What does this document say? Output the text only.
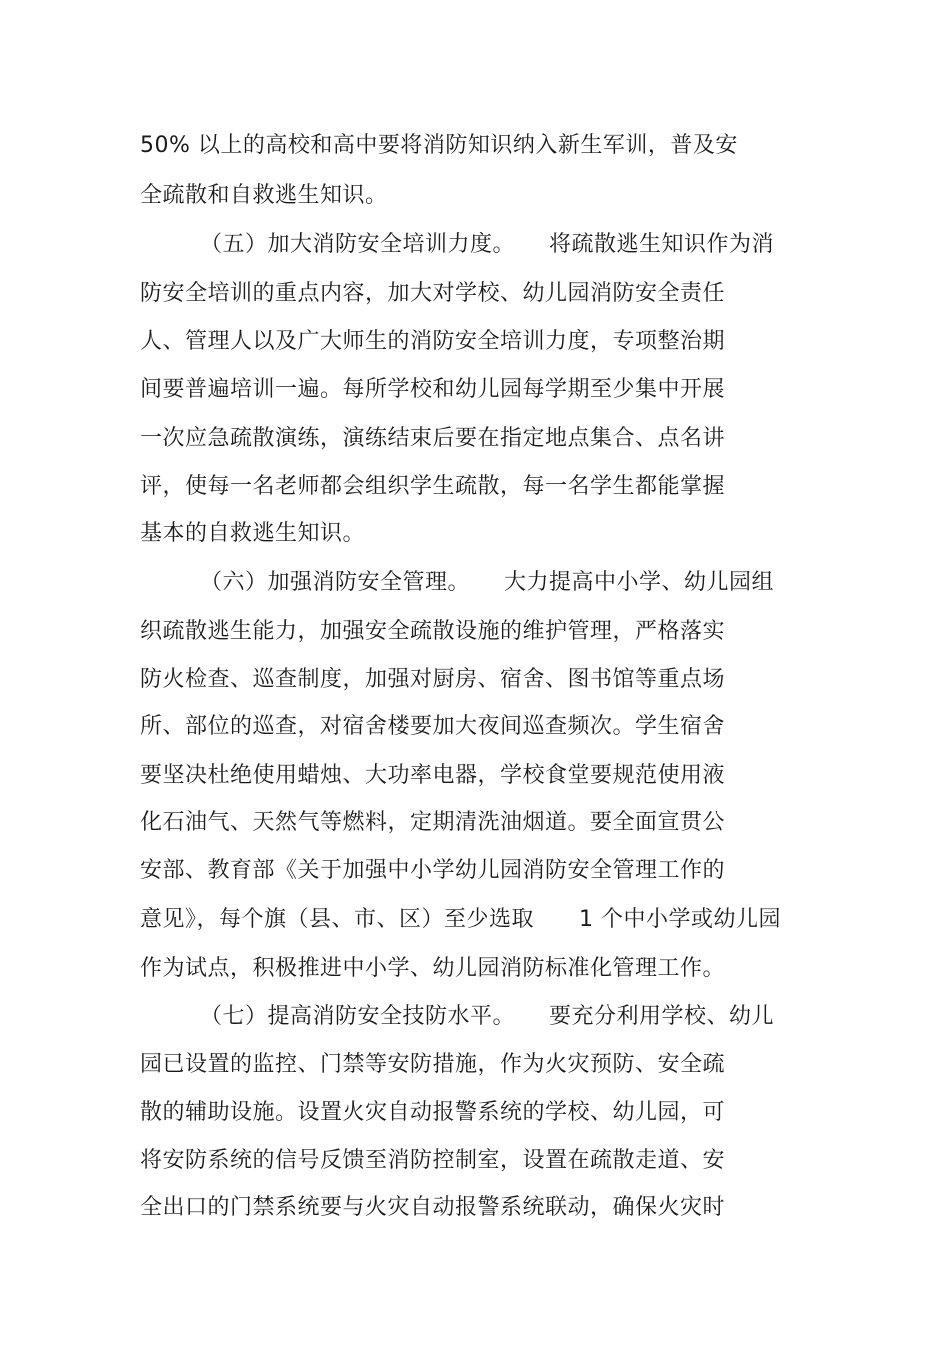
50% 以上的高校和高中要将消防知识纳入新生军训，普及安
全疏散和自救逃生知识。
（五）加大消防安全培训力度。　　将疏散逃生知识作为消
防安全培训的重点内容，加大对学校、幼儿园消防安全责任
人、管理人以及广大师生的消防安全培训力度，专项整治期
间要普遍培训一遍。每所学校和幼儿园每学期至少集中开展
一次应急疏散演练，演练结束后要在指定地点集合、点名讲
评，使每一名老师都会组织学生疏散，每一名学生都能掌握
基本的自救逃生知识。
（六）加强消防安全管理。　　大力提高中小学、幼儿园组
织疏散逃生能力，加强安全疏散设施的维护管理，严格落实
防火检查、巡查制度，加强对厨房、宿舍、图书馆等重点场
所、部位的巡查，对宿舍楼要加大夜间巡查频次。学生宿舍
要坚决杜绝使用蜡烛、大功率电器，学校食堂要规范使用液
化石油气、天然气等燃料，定期清洗油烟道。要全面宣贯公
安部、教育部《关于加强中小学幼儿园消防安全管理工作的
意见》，每个旗（县、市、区）至少选取　　1 个中小学或幼儿园
作为试点，积极推进中小学、幼儿园消防标准化管理工作。
（七）提高消防安全技防水平。　　要充分利用学校、幼儿
园已设置的监控、门禁等安防措施，作为火灾预防、安全疏
散的辅助设施。设置火灾自动报警系统的学校、幼儿园，可
将安防系统的信号反馈至消防控制室，设置在疏散走道、安
全出口的门禁系统要与火灾自动报警系统联动，确保火灾时
